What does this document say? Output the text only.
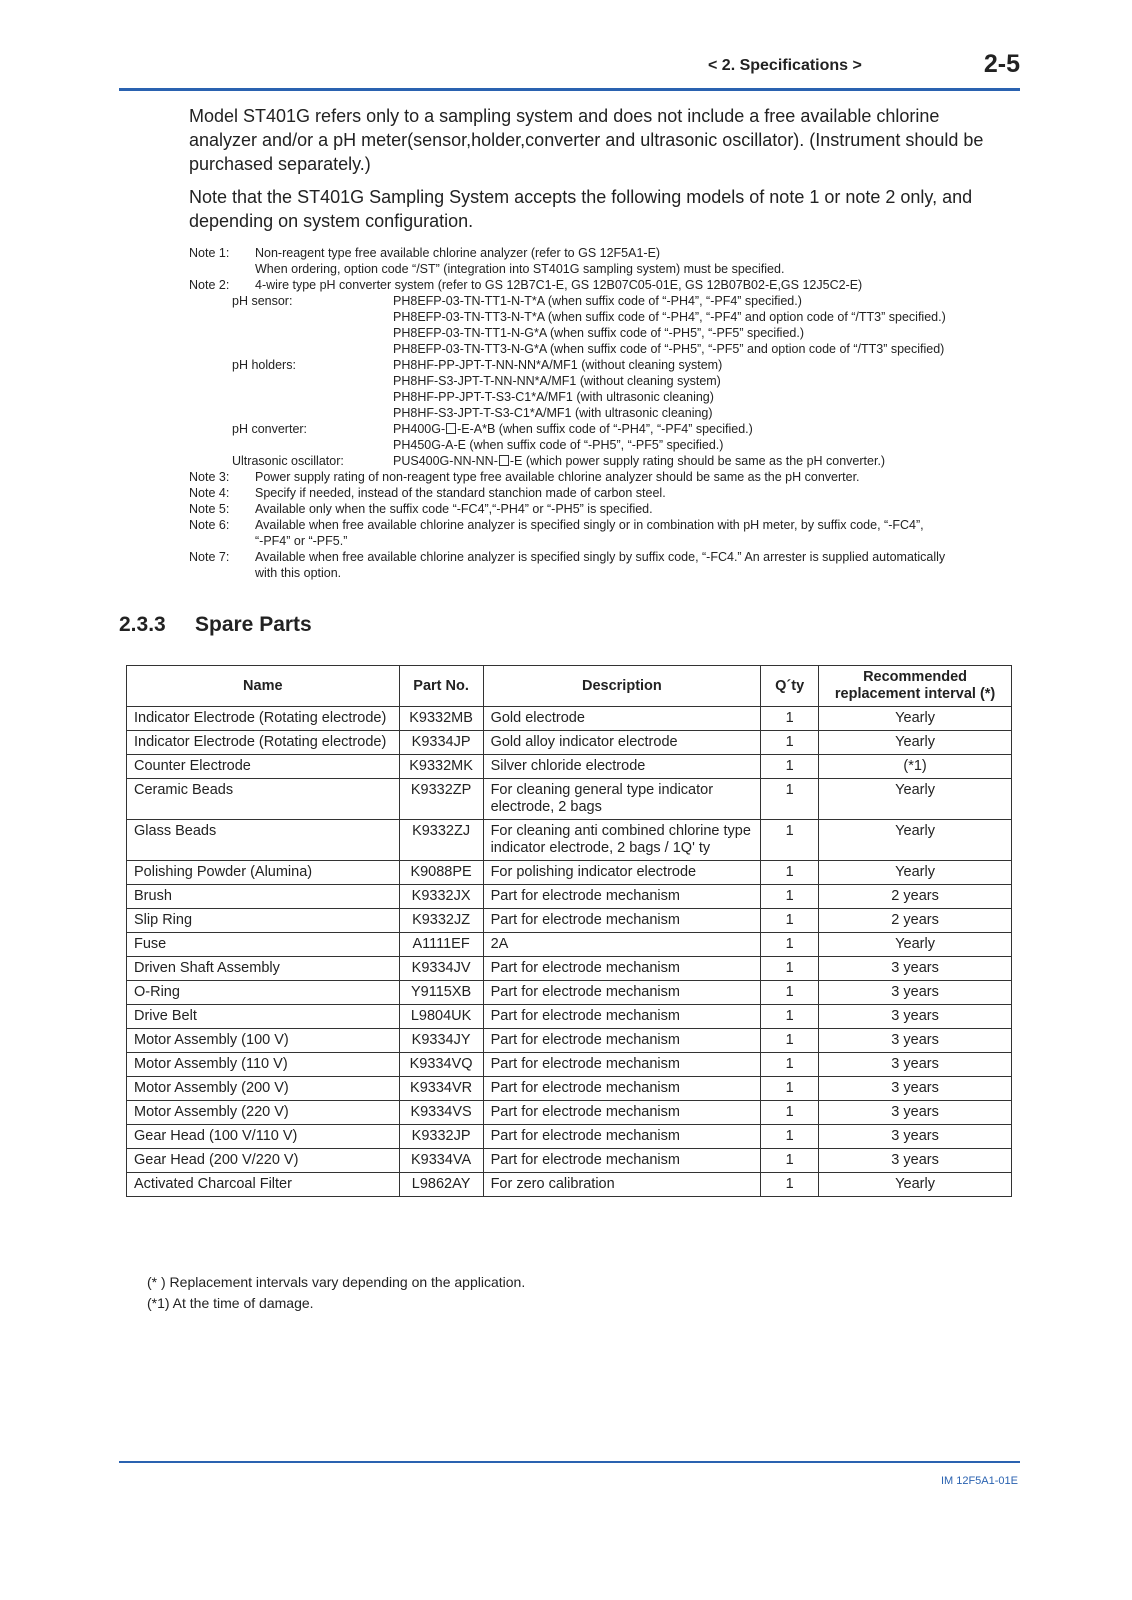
< 2. Specifications >	2-5

Model ST401G refers only to a sampling system and does not include a free available chlorine analyzer and/or a pH meter(sensor,holder,converter and ultrasonic oscillator). (Instrument should be purchased separately.)

Note that the ST401G Sampling System accepts the following models of note 1 or note 2 only, and depending on system configuration.

Note 1:	Non-reagent type free available chlorine analyzer (refer to GS 12F5A1-E)
When ordering, option code “/ST” (integration into ST401G sampling system) must be specified.
Note 2:	4-wire type pH converter system (refer to GS 12B7C1-E, GS 12B07C05-01E, GS 12B07B02-E,GS 12J5C2-E)
pH sensor:	PH8EFP-03-TN-TT1-N-T*A (when suffix code of “-PH4”, “-PF4” specified.)
PH8EFP-03-TN-TT3-N-T*A (when suffix code of “-PH4”, “-PF4” and option code of “/TT3” specified.)
PH8EFP-03-TN-TT1-N-G*A (when suffix code of “-PH5”, “-PF5” specified.)
PH8EFP-03-TN-TT3-N-G*A (when suffix code of “-PH5”, “-PF5” and option code of “/TT3” specified)
pH holders:	PH8HF-PP-JPT-T-NN-NN*A/MF1 (without cleaning system)
PH8HF-S3-JPT-T-NN-NN*A/MF1 (without cleaning system)
PH8HF-PP-JPT-T-S3-C1*A/MF1 (with ultrasonic cleaning)
PH8HF-S3-JPT-T-S3-C1*A/MF1 (with ultrasonic cleaning)
pH converter:	PH400G- -E-A*B (when suffix code of “-PH4”, “-PF4” specified.)
PH450G-A-E (when suffix code of “-PH5”, “-PF5” specified.)
Ultrasonic oscillator:	PUS400G-NN-NN- -E (which power supply rating should be same as the pH converter.)
Note 3:	Power supply rating of non-reagent type free available chlorine analyzer should be same as the pH converter.
Note 4:	Specify if needed, instead of the standard stanchion made of carbon steel.
Note 5:	Available only when the suffix code “-FC4”,“-PH4” or “-PH5” is specified.
Note 6:	Available when free available chlorine analyzer is specified singly or in combination with pH meter, by suffix code, “-FC4”,
“-PF4” or “-PF5.”
Note 7:	Available when free available chlorine analyzer is specified singly by suffix code, “-FC4.” An arrester is supplied automatically
with this option.
2.3.3 Spare Parts
Name	Part No.	Description	Q´ty	Recommended
replacement interval (*)
Indicator Electrode (Rotating electrode)	K9332MB	Gold electrode	1	Yearly
Indicator Electrode (Rotating electrode)	K9334JP	Gold alloy indicator electrode	1	Yearly
Counter Electrode	K9332MK	Silver chloride electrode	1	(*1)
Ceramic Beads	K9332ZP	For cleaning general type indicator electrode, 2 bags	1	Yearly
Glass Beads	K9332ZJ	For cleaning anti combined chlorine type indicator electrode, 2 bags / 1Q' ty	1	Yearly
Polishing Powder (Alumina)	K9088PE	For polishing indicator electrode	1	Yearly
Brush	K9332JX	Part for electrode mechanism	1	2 years
Slip Ring	K9332JZ	Part for electrode mechanism	1	2 years
Fuse	A1111EF	2A	1	Yearly
Driven Shaft Assembly	K9334JV	Part for electrode mechanism	1	3 years
O-Ring	Y9115XB	Part for electrode mechanism	1	3 years
Drive Belt	L9804UK	Part for electrode mechanism	1	3 years
Motor Assembly (100 V)	K9334JY	Part for electrode mechanism	1	3 years
Motor Assembly (110 V)	K9334VQ	Part for electrode mechanism	1	3 years
Motor Assembly (200 V)	K9334VR	Part for electrode mechanism	1	3 years
Motor Assembly (220 V)	K9334VS	Part for electrode mechanism	1	3 years
Gear Head (100 V/110 V)	K9332JP	Part for electrode mechanism	1	3 years
Gear Head (200 V/220 V)	K9334VA	Part for electrode mechanism	1	3 years
Activated Charcoal Filter	L9862AY	For zero calibration	1	Yearly
(* ) Replacement intervals vary depending on the application.
(*1) At the time of damage.
IM 12F5A1-01E
